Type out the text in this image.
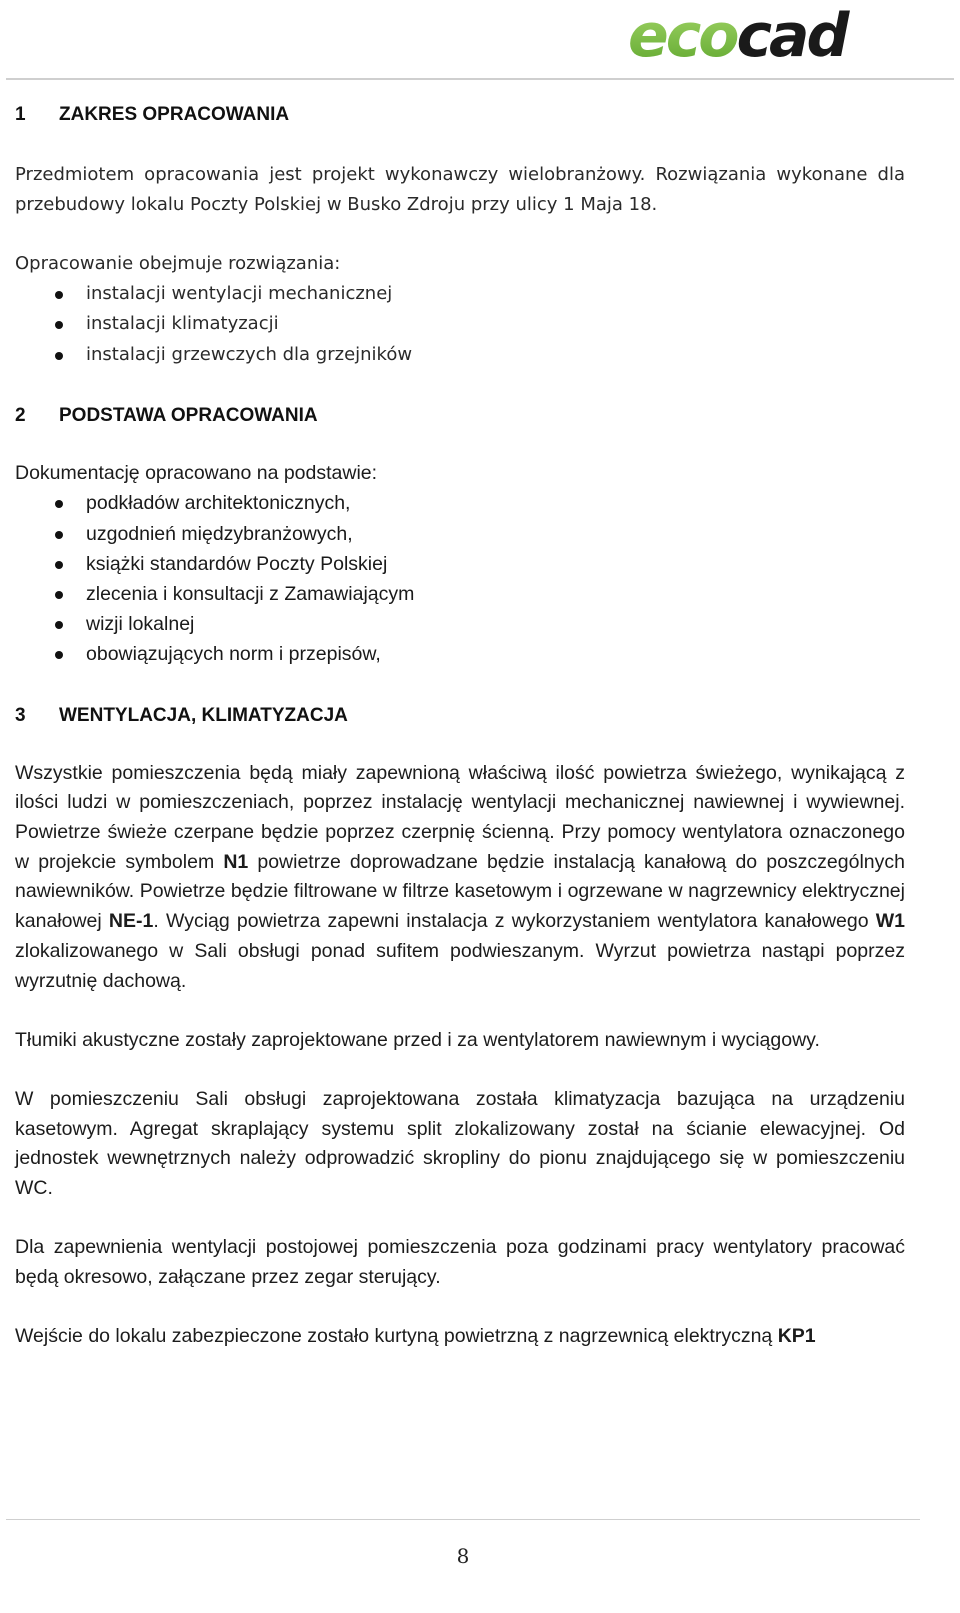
ecocad
1 ZAKRES OPRACOWANIA

Przedmiotem opracowania jest projekt wykonawczy wielobranżowy. Rozwiązania wykonane dla przebudowy lokalu Poczty Polskiej w Busko Zdroju przy ulicy 1 Maja 18.

Opracowanie obejmuje rozwiązania:

instalacji wentylacji mechanicznej
instalacji klimatyzacji
instalacji grzewczych dla grzejników
2 PODSTAWA OPRACOWANIA

Dokumentację opracowano na podstawie:

podkładów architektonicznych,
uzgodnień międzybranżowych,
książki standardów Poczty Polskiej
zlecenia i konsultacji z Zamawiającym
wizji lokalnej
obowiązujących norm i przepisów,
3 WENTYLACJA, KLIMATYZACJA

Wszystkie pomieszczenia będą miały zapewnioną właściwą ilość powietrza świeżego, wynikającą z ilości ludzi w pomieszczeniach, poprzez instalację wentylacji mechanicznej nawiewnej i wywiewnej. Powietrze świeże czerpane będzie poprzez czerpnię ścienną. Przy pomocy wentylatora oznaczonego w projekcie symbolem N1 powietrze doprowadzane będzie instalacją kanałową do poszczególnych nawiewników. Powietrze będzie filtrowane w filtrze kasetowym i ogrzewane w nagrzewnicy elektrycznej kanałowej NE-1. Wyciąg powietrza zapewni instalacja z wykorzystaniem wentylatora kanałowego W1 zlokalizowanego w Sali obsługi ponad sufitem podwieszanym. Wyrzut powietrza nastąpi poprzez wyrzutnię dachową.

Tłumiki akustyczne zostały zaprojektowane przed i za wentylatorem nawiewnym i wyciągowy.

W pomieszczeniu Sali obsługi zaprojektowana została klimatyzacja bazująca na urządzeniu kasetowym. Agregat skraplający systemu split zlokalizowany został na ścianie elewacyjnej. Od jednostek wewnętrznych należy odprowadzić skropliny do pionu znajdującego się w pomieszczeniu WC.

Dla zapewnienia wentylacji postojowej pomieszczenia poza godzinami pracy wentylatory pracować będą okresowo, załączane przez zegar sterujący.

Wejście do lokalu zabezpieczone zostało kurtyną powietrzną z nagrzewnicą elektryczną KP1

8
